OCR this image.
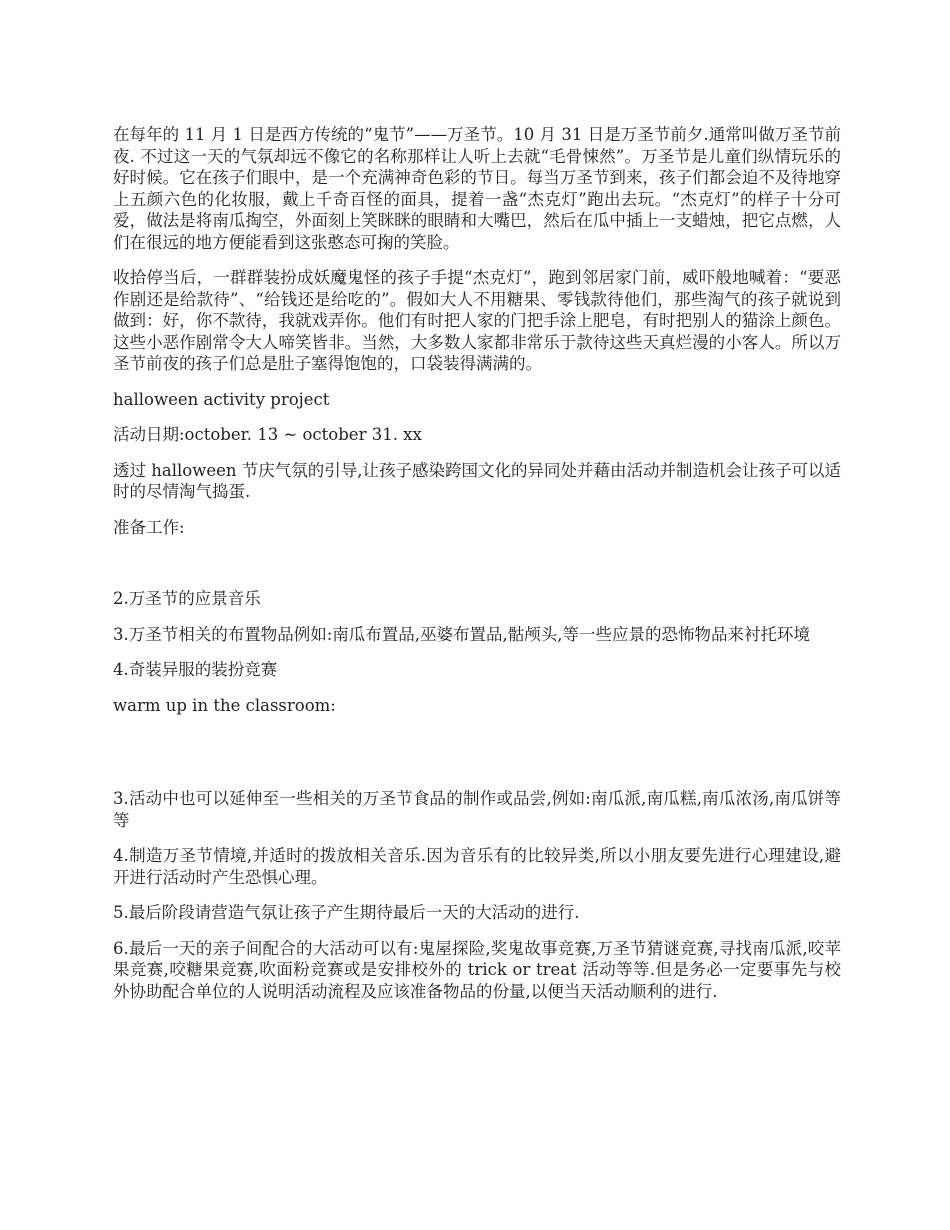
在每年的 11 月 1 日是西方传统的“鬼节”——万圣节。10 月 31 日是万圣节前夕.通常叫做万圣节前夜. 不过这一天的气氛却远不像它的名称那样让人听上去就“毛骨悚然”。万圣节是儿童们纵情玩乐的好时候。它在孩子们眼中，是一个充满神奇色彩的节日。每当万圣节到来，孩子们都会迫不及待地穿上五颜六色的化妆服，戴上千奇百怪的面具，提着一盏“杰克灯”跑出去玩。“杰克灯”的样子十分可爱，做法是将南瓜掏空，外面刻上笑眯眯的眼睛和大嘴巴，然后在瓜中插上一支蜡烛，把它点燃，人们在很远的地方便能看到这张憨态可掬的笑脸。

收拾停当后，一群群装扮成妖魔鬼怪的孩子手提“杰克灯”，跑到邻居家门前，威吓般地喊着：“要恶作剧还是给款待”、“给钱还是给吃的”。假如大人不用糖果、零钱款待他们，那些淘气的孩子就说到做到：好，你不款待，我就戏弄你。他们有时把人家的门把手涂上肥皂，有时把别人的猫涂上颜色。这些小恶作剧常令大人啼笑皆非。当然，大多数人家都非常乐于款待这些天真烂漫的小客人。所以万圣节前夜的孩子们总是肚子塞得饱饱的，口袋装得满满的。

halloween activity project

活动日期:october. 13 ~ october 31. xx

透过 halloween 节庆气氛的引导,让孩子感染跨国文化的异同处并藉由活动并制造机会让孩子可以适时的尽情淘气捣蛋.

准备工作:

2.万圣节的应景音乐

3.万圣节相关的布置物品例如:南瓜布置品,巫婆布置品,骷颅头,等一些应景的恐怖物品来衬托环境

4.奇装异服的装扮竞赛

warm up in the classroom:

3.活动中也可以延伸至一些相关的万圣节食品的制作或品尝,例如:南瓜派,南瓜糕,南瓜浓汤,南瓜饼等等

4.制造万圣节情境,并适时的拨放相关音乐.因为音乐有的比较异类,所以小朋友要先进行心理建设,避开进行活动时产生恐惧心理。

5.最后阶段请营造气氛让孩子产生期待最后一天的大活动的进行.

6.最后一天的亲子间配合的大活动可以有:鬼屋探险,奖鬼故事竞赛,万圣节猜谜竞赛,寻找南瓜派,咬苹果竞赛,咬糖果竞赛,吹面粉竞赛或是安排校外的 trick or treat 活动等等.但是务必一定要事先与校外协助配合单位的人说明活动流程及应该准备物品的份量,以便当天活动顺利的进行.
